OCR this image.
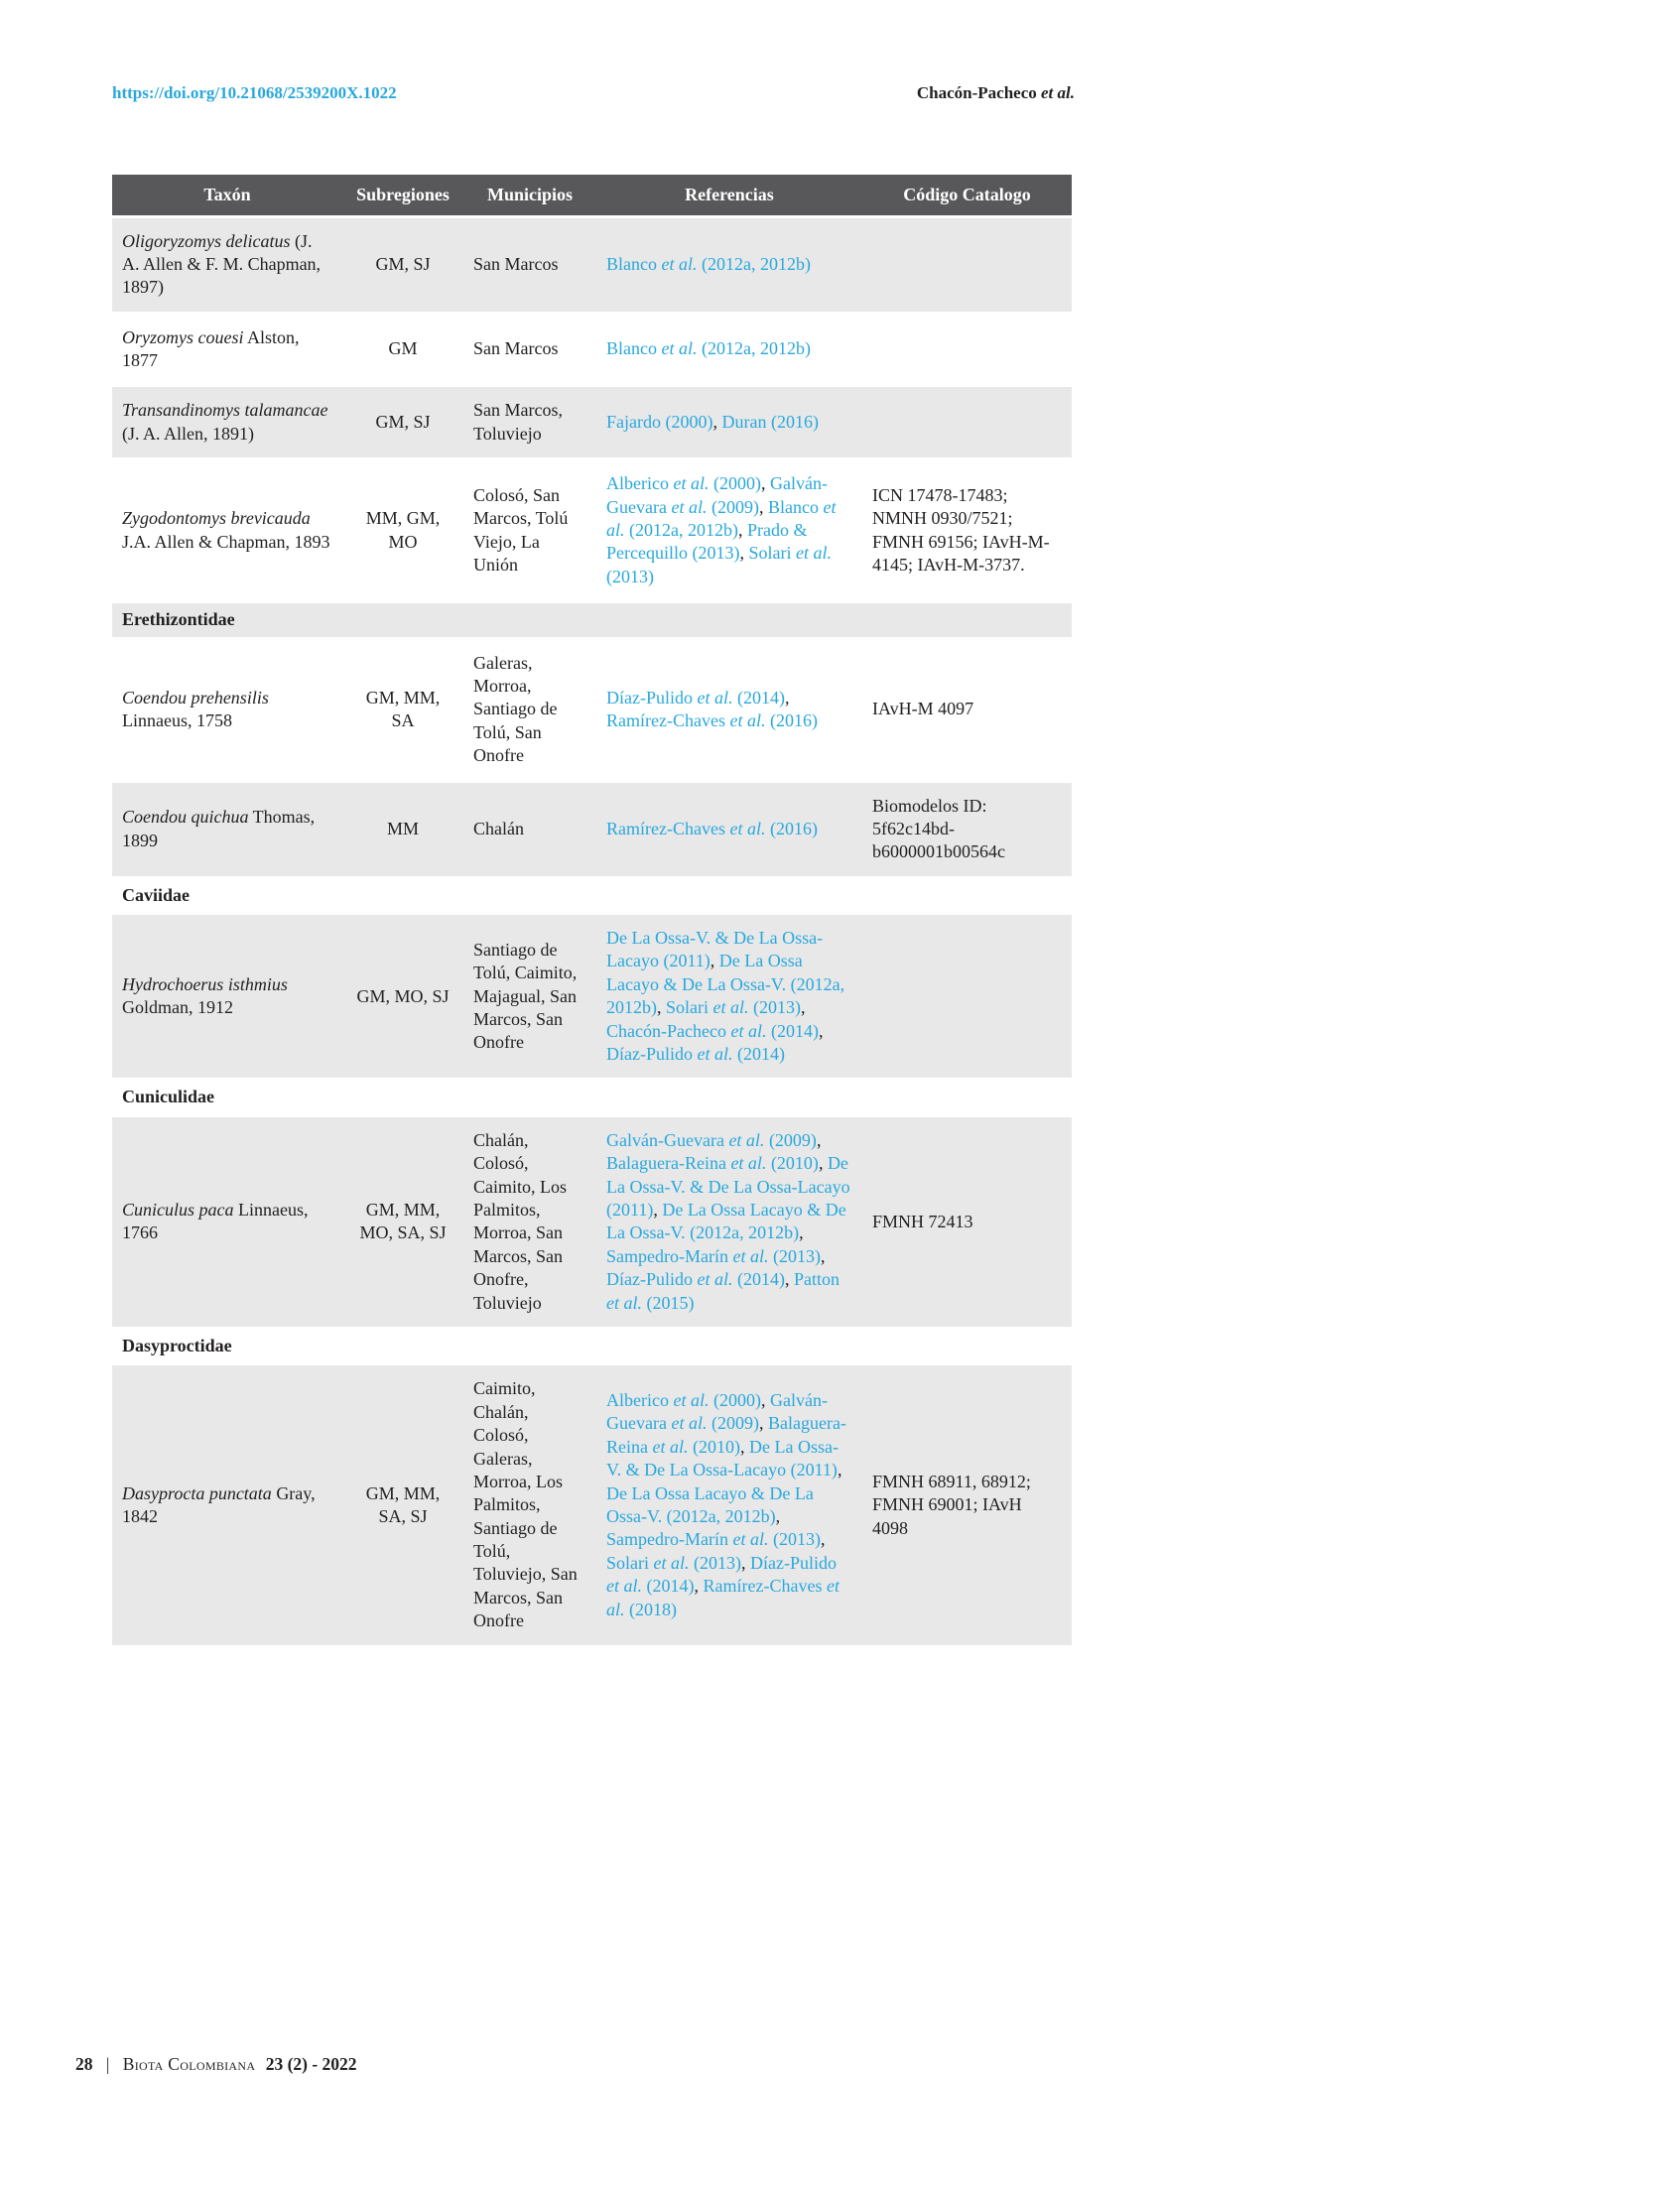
https://doi.org/10.21068/2539200X.1022	Chacón-Pacheco et al.
Taxón	Subregiones	Municipios	Referencias	Código Catalogo
Oligoryzomys delicatus (J. A. Allen & F. M. Chapman, 1897)	GM, SJ	San Marcos	Blanco et al. (2012a, 2012b)	
Oryzomys couesi Alston, 1877	GM	San Marcos	Blanco et al. (2012a, 2012b)	
Transandinomys talamancae (J. A. Allen, 1891)	GM, SJ	San Marcos, Toluviejo	Fajardo (2000), Duran (2016)	
Zygodontomys brevicauda J.A. Allen & Chapman, 1893	MM, GM, MO	Colosó, San Marcos, Tolú Viejo, La Unión	Alberico et al. (2000), Galván-Guevara et al. (2009), Blanco et al. (2012a, 2012b), Prado & Percequillo (2013), Solari et al. (2013)	ICN 17478-17483; NMNH 0930/7521; FMNH 69156; IAvH-M-4145; IAvH-M-3737.
Erethizontidae				
Coendou prehensilis Linnaeus, 1758	GM, MM, SA	Galeras, Morroa, Santiago de Tolú, San Onofre	Díaz-Pulido et al. (2014), Ramírez-Chaves et al. (2016)	IAvH-M 4097
Coendou quichua Thomas, 1899	MM	Chalán	Ramírez-Chaves et al. (2016)	Biomodelos ID: 5f62c14bd-b6000001b00564c
Caviidae				
Hydrochoerus isthmius Goldman, 1912	GM, MO, SJ	Santiago de Tolú, Caimito, Majagual, San Marcos, San Onofre	De La Ossa-V. & De La Ossa-Lacayo (2011), De La Ossa Lacayo & De La Ossa-V. (2012a, 2012b), Solari et al. (2013), Chacón-Pacheco et al. (2014), Díaz-Pulido et al. (2014)	
Cuniculidae				
Cuniculus paca Linnaeus, 1766	GM, MM, MO, SA, SJ	Chalán, Colosó, Caimito, Los Palmitos, Morroa, San Marcos, San Onofre, Toluviejo	Galván-Guevara et al. (2009), Balaguera-Reina et al. (2010), De La Ossa-V. & De La Ossa-Lacayo (2011), De La Ossa Lacayo & De La Ossa-V. (2012a, 2012b), Sampedro-Marín et al. (2013), Díaz-Pulido et al. (2014), Patton et al. (2015)	FMNH 72413
Dasyproctidae				
Dasyprocta punctata Gray, 1842	GM, MM, SA, SJ	Caimito, Chalán, Colosó, Galeras, Morroa, Los Palmitos, Santiago de Tolú, Toluviejo, San Marcos, San Onofre	Alberico et al. (2000), Galván-Guevara et al. (2009), Balaguera-Reina et al. (2010), De La Ossa-V. & De La Ossa-Lacayo (2011), De La Ossa Lacayo & De La Ossa-V. (2012a, 2012b), Sampedro-Marín et al. (2013), Solari et al. (2013), Díaz-Pulido et al. (2014), Ramírez-Chaves et al. (2018)	FMNH 68911, 68912; FMNH 69001; IAvH 4098
28 | Biota Colombiana 23 (2) - 2022
